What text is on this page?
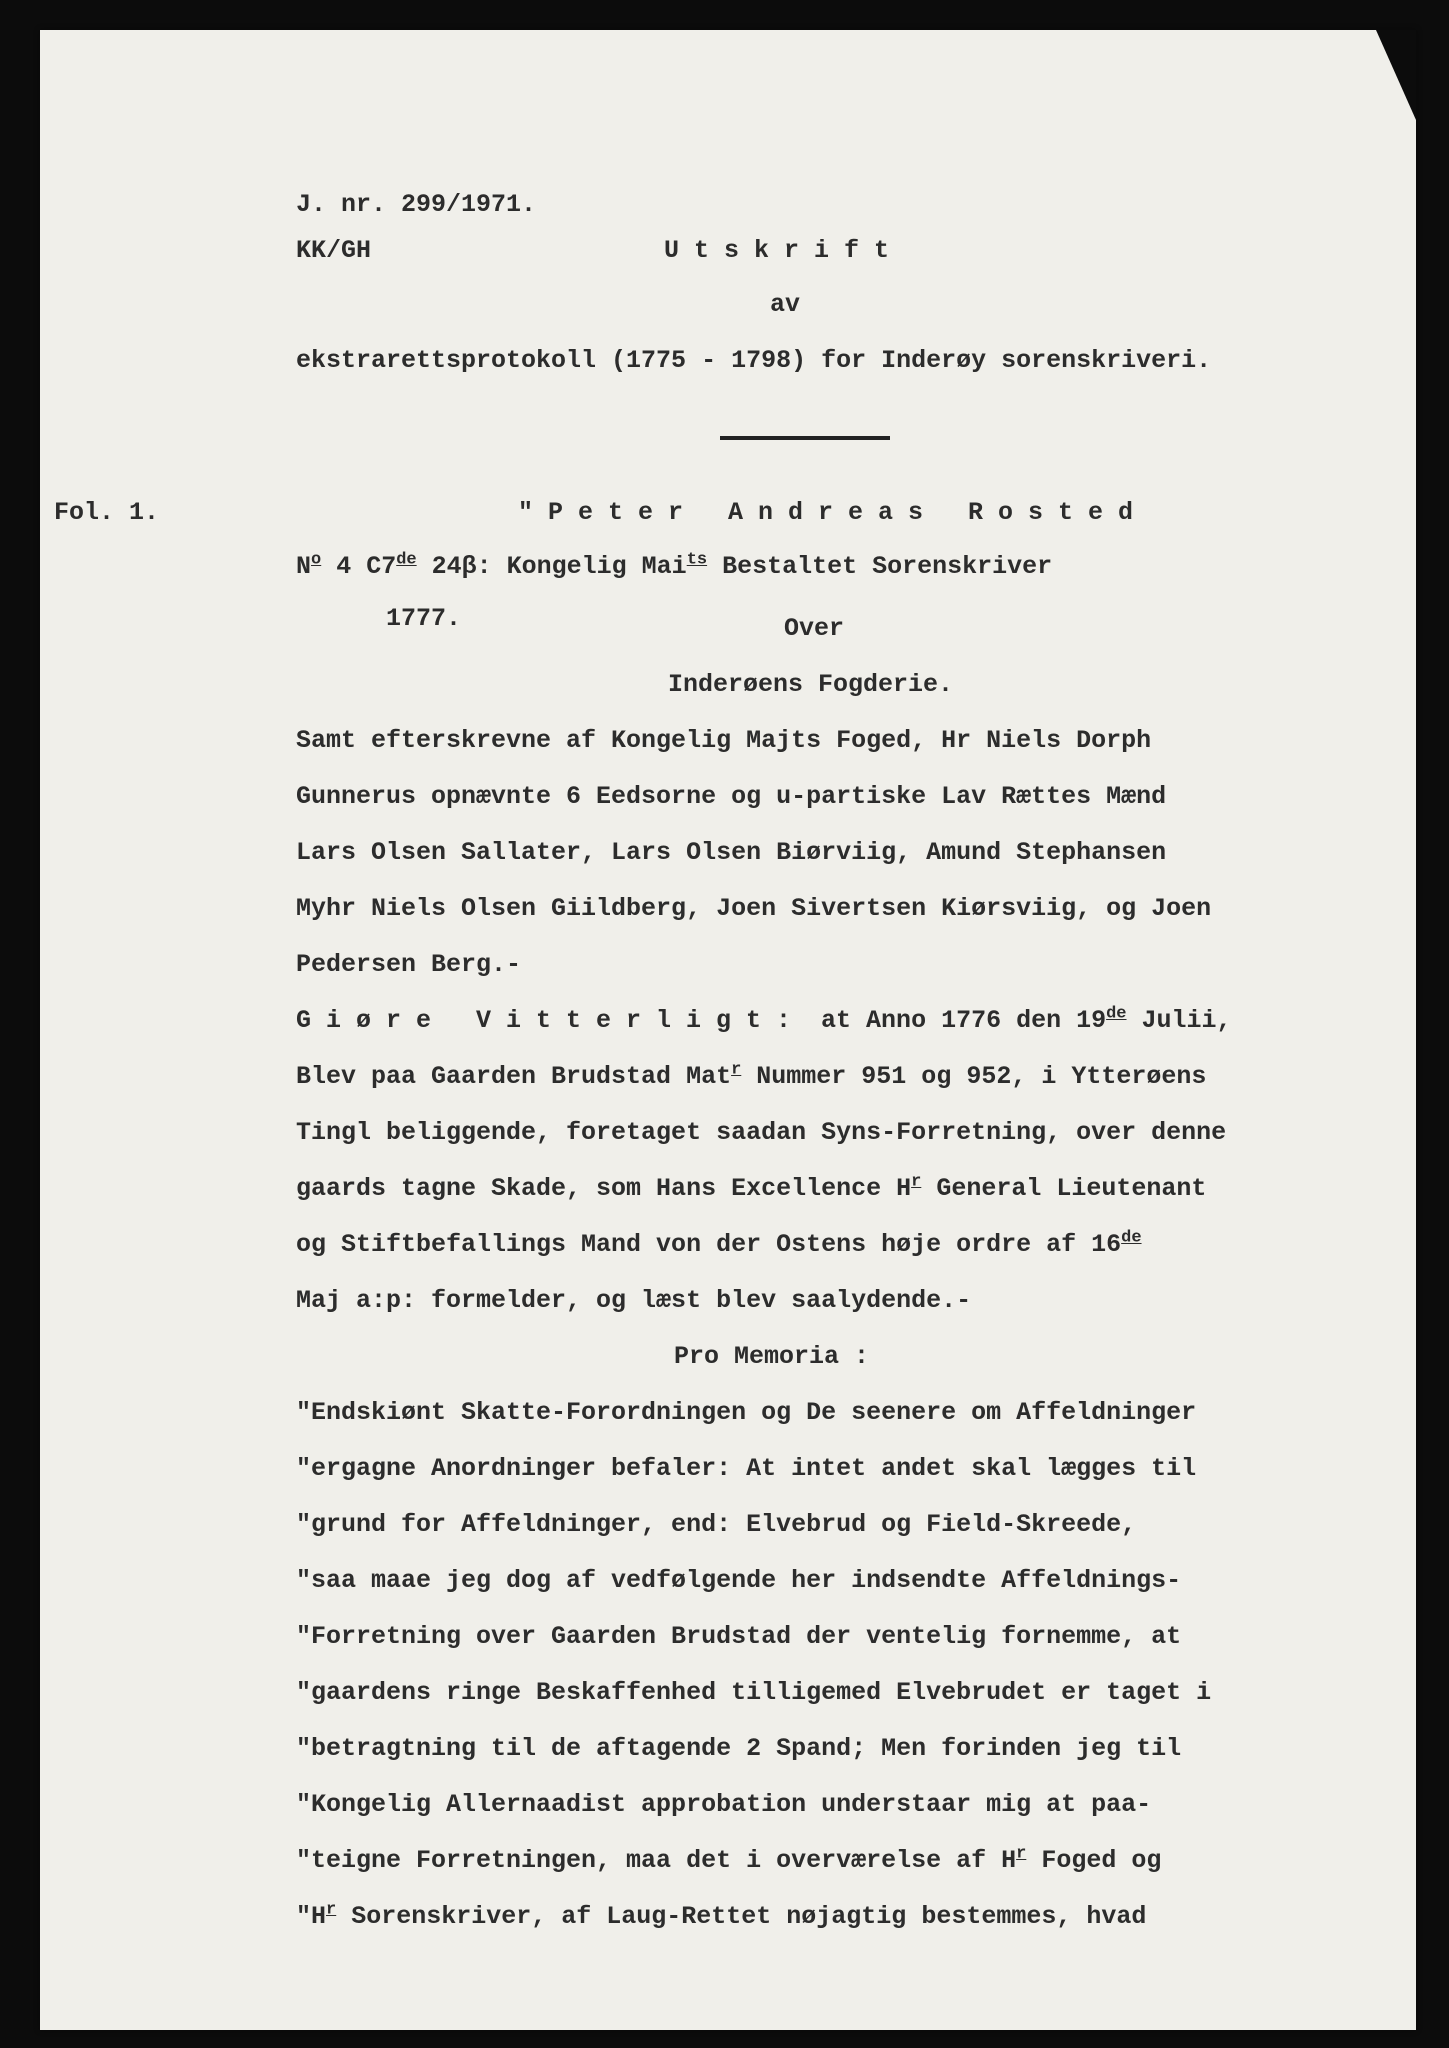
J. nr. 299/1971.
KK/GH	Utskrift
av
ekstrarettsprotokoll (1775 - 1798) for Inderøy sorenskriveri.
Fol. 1.	"Peter Andreas Rosted
$N^o$ 4 C7de 24β: Kongelig Mai$^{ts}$ Bestaltet Sorenskriver
1777.	Over
Inderøens Fogderie.
Samt efterskrevne af Kongelig Majts Foged, Hr Niels Dorph
Gunnerus opnævnte 6 Eedsorne og u-partiske Lav Rættes Mænd
Lars Olsen Sallater, Lars Olsen Biørviig, Amund Stephansen
Myhr Niels Olsen Giildberg, Joen Sivertsen Kiørsviig, og Joen
Pedersen Berg.-
Giøre Vitterligt: at Anno 1776 den 19de Julii,
Blev paa Gaarden Brudstad Mat$^r$ Nummer 951 og 952, i Ytterøens
Tingl beliggende, foretaget saadan Syns-Forretning, over denne
gaards tagne Skade, som Hans Excellence $H^r$ General Lieutenant
og Stiftbefallings Mand von der Ostens høje ordre af 16de
Maj a:p: formelder, og læst blev saalydende.-
Pro Memoria :
"Endskiønt Skatte-Forordningen og De seenere om Affeldninger
"ergagne Anordninger befaler: At intet andet skal lægges til
"grund for Affeldninger, end: Elvebrud og Field-Skreede,
"saa maae jeg dog af vedfølgende her indsendte Affeldnings-
"Forretning over Gaarden Brudstad der ventelig fornemme, at
"gaardens ringe Beskaffenhed tilligemed Elvebrudet er taget i
"betragtning til de aftagende 2 Spand; Men forinden jeg til
"Kongelig Allernaadist approbation understaar mig at paa-
"teigne Forretningen, maa det i overværelse af $H^r$ Foged og
"$H^r$ Sorenskriver, af Laug-Rettet nøjagtig bestemmes, hvad
